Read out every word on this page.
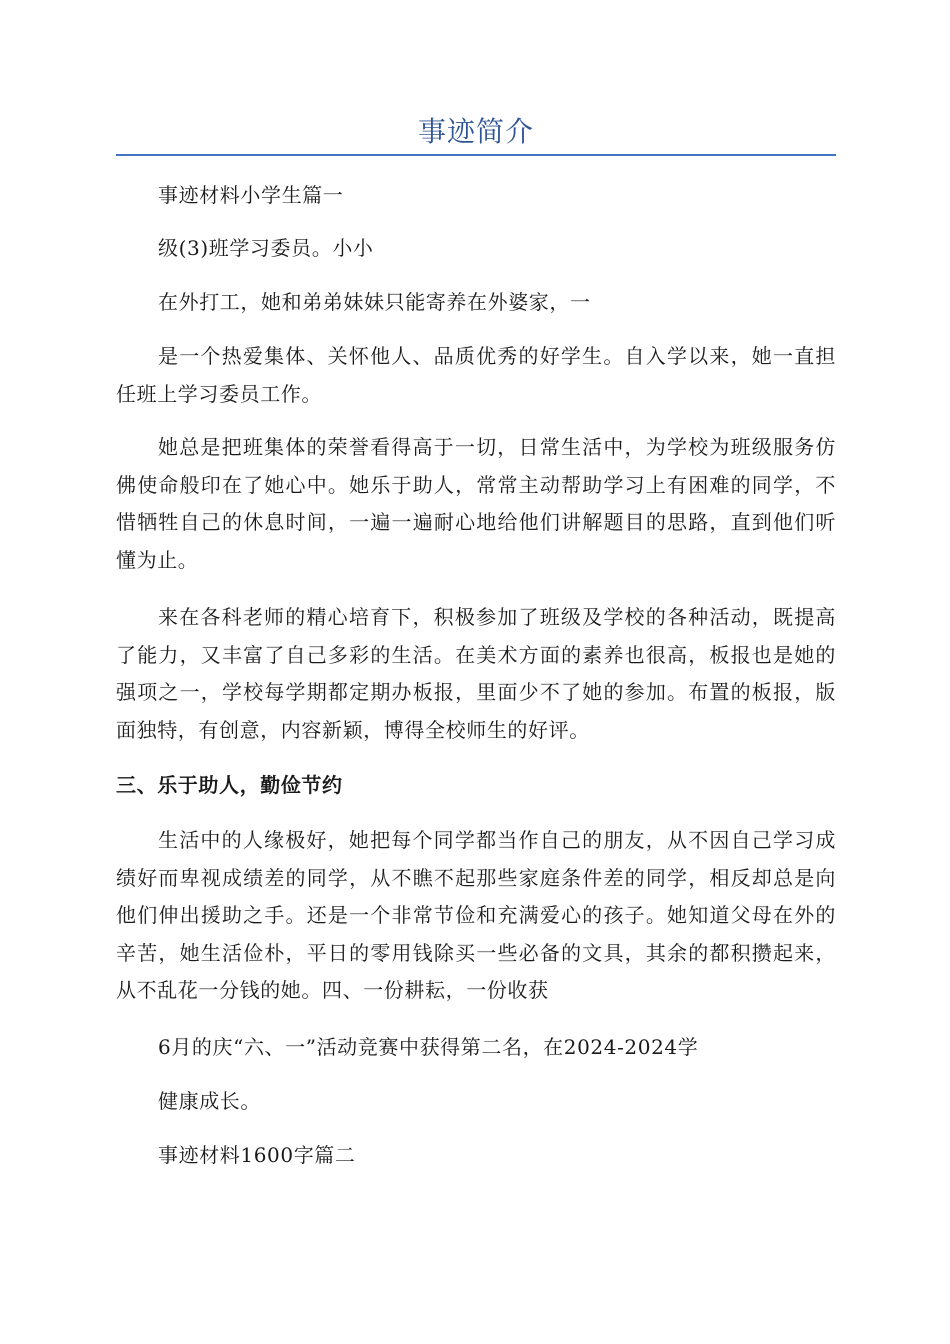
事迹简介

事迹材料小学生篇一

级(3)班学习委员。小小

在外打工，她和弟弟妹妹只能寄养在外婆家，一

是一个热爱集体、关怀他人、品质优秀的好学生。自入学以来，她一直担任班上学习委员工作。

她总是把班集体的荣誉看得高于一切，日常生活中，为学校为班级服务仿佛使命般印在了她心中。她乐于助人，常常主动帮助学习上有困难的同学，不惜牺牲自己的休息时间，一遍一遍耐心地给他们讲解题目的思路，直到他们听懂为止。

来在各科老师的精心培育下，积极参加了班级及学校的各种活动，既提高了能力，又丰富了自己多彩的生活。在美术方面的素养也很高，板报也是她的强项之一，学校每学期都定期办板报，里面少不了她的参加。布置的板报，版面独特，有创意，内容新颖，博得全校师生的好评。

三、乐于助人，勤俭节约

生活中的人缘极好，她把每个同学都当作自己的朋友，从不因自己学习成绩好而卑视成绩差的同学，从不瞧不起那些家庭条件差的同学，相反却总是向他们伸出援助之手。还是一个非常节俭和充满爱心的孩子。她知道父母在外的辛苦，她生活俭朴，平日的零用钱除买一些必备的文具，其余的都积攒起来，从不乱花一分钱的她。四、一份耕耘，一份收获

6月的庆“六、一”活动竞赛中获得第二名，在2024-2024学

健康成长。

事迹材料1600字篇二
